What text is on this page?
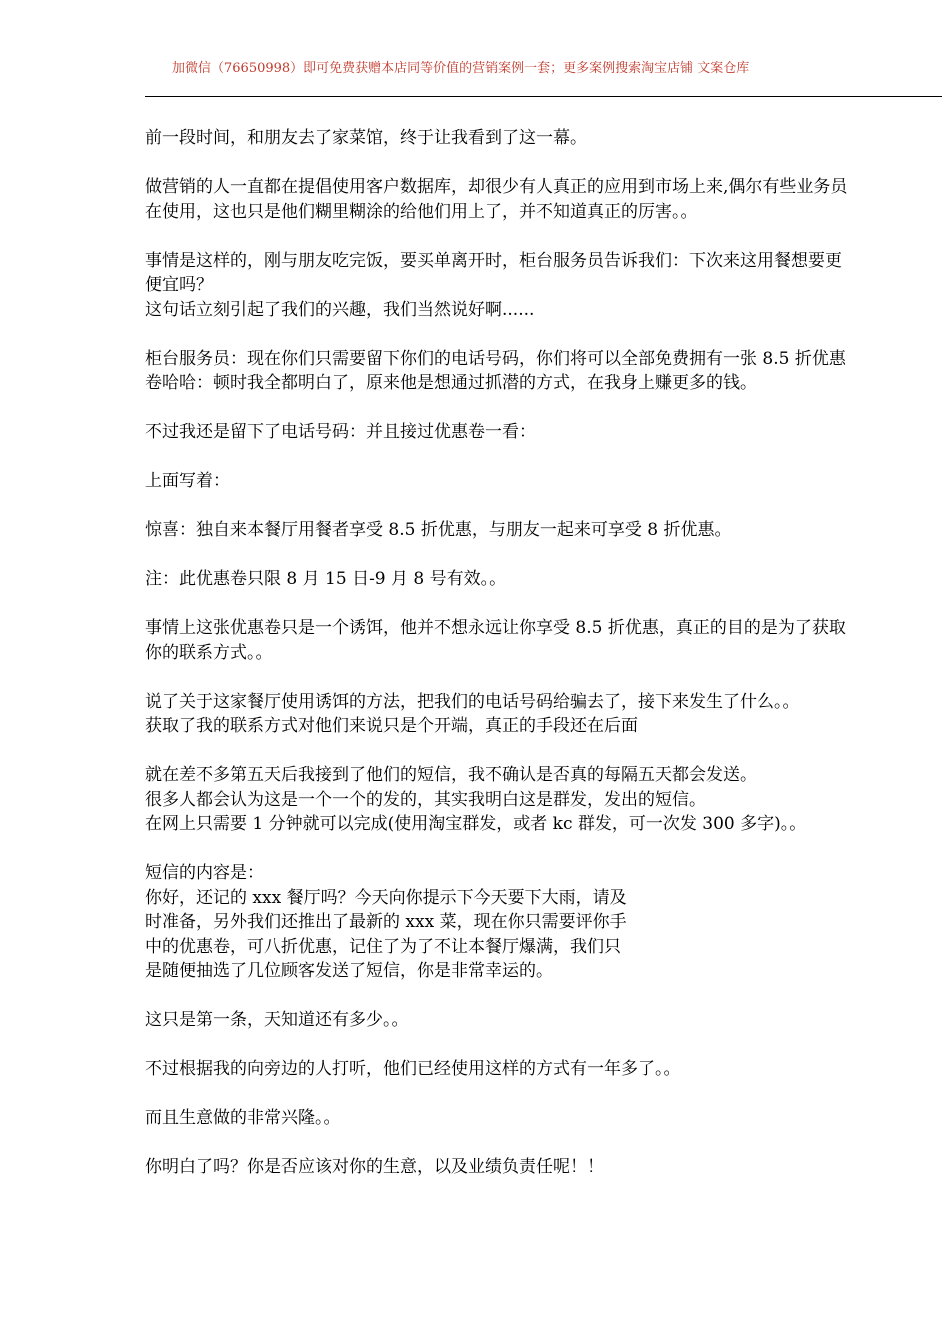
加微信（76650998）即可免费获赠本店同等价值的营销案例一套；更多案例搜索淘宝店铺 文案仓库

前一段时间，和朋友去了家菜馆，终于让我看到了这一幕。

做营销的人一直都在提倡使用客户数据库，却很少有人真正的应用到市场上来,偶尔有些业务员
在使用，这也只是他们糊里糊涂的给他们用上了，并不知道真正的厉害。。

事情是这样的，刚与朋友吃完饭，要买单离开时，柜台服务员告诉我们：下次来这用餐想要更
便宜吗？
这句话立刻引起了我们的兴趣，我们当然说好啊......

柜台服务员：现在你们只需要留下你们的电话号码，你们将可以全部免费拥有一张 8.5 折优惠
卷哈哈：顿时我全都明白了，原来他是想通过抓潜的方式，在我身上赚更多的钱。

不过我还是留下了电话号码：并且接过优惠卷一看：

上面写着：

惊喜：独自来本餐厅用餐者享受 8.5 折优惠，与朋友一起来可享受 8 折优惠。

注：此优惠卷只限 8 月 15 日-9 月 8 号有效。。

事情上这张优惠卷只是一个诱饵，他并不想永远让你享受 8.5 折优惠，真正的目的是为了获取
你的联系方式。。

说了关于这家餐厅使用诱饵的方法，把我们的电话号码给骗去了，接下来发生了什么。。
获取了我的联系方式对他们来说只是个开端，真正的手段还在后面

就在差不多第五天后我接到了他们的短信，我不确认是否真的每隔五天都会发送。
很多人都会认为这是一个一个的发的，其实我明白这是群发，发出的短信。
在网上只需要 1 分钟就可以完成(使用淘宝群发，或者 kc 群发，可一次发 300 多字)。。

短信的内容是：
你好，还记的 xxx 餐厅吗？今天向你提示下今天要下大雨，请及
时准备，另外我们还推出了最新的 xxx 菜，现在你只需要评你手
中的优惠卷，可八折优惠，记住了为了不让本餐厅爆满，我们只
是随便抽选了几位顾客发送了短信，你是非常幸运的。

这只是第一条，天知道还有多少。。

不过根据我的向旁边的人打听，他们已经使用这样的方式有一年多了。。

而且生意做的非常兴隆。。

你明白了吗？你是否应该对你的生意，以及业绩负责任呢！！
